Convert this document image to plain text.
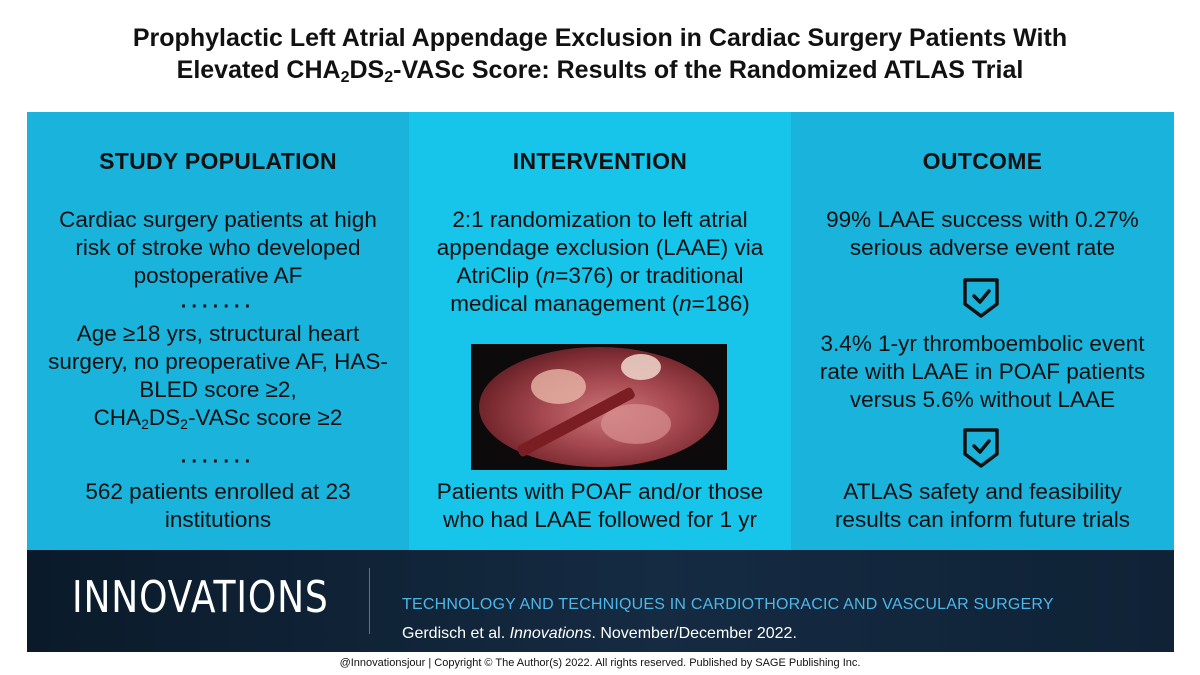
Prophylactic Left Atrial Appendage Exclusion in Cardiac Surgery Patients With
Elevated $CHA_2DS_2$-VASc Score: Results of the Randomized ATLAS Trial
STUDY POPULATION
Cardiac surgery patients at high risk of stroke who developed postoperative AF
·······
Age ≥18 yrs, structural heart surgery, no preoperative AF, HAS-BLED score ≥2,
$CHA_2DS_2$-VASc score ≥2
·······
562 patients enrolled at 23 institutions
INTERVENTION
2:1 randomization to left atrial appendage exclusion (LAAE) via AtriClip (n=376) or traditional medical management (n=186)
Patients with POAF and/or those who had LAAE followed for 1 yr
OUTCOME
99% LAAE success with 0.27% serious adverse event rate
3.4% 1-yr thromboembolic event rate with LAAE in POAF patients versus 5.6% without LAAE
ATLAS safety and feasibility results can inform future trials
INNOVATIONS	TECHNOLOGY AND TECHNIQUES IN CARDIOTHORACIC AND VASCULAR SURGERY
Gerdisch et al. Innovations. November/December 2022.
@Innovationsjour | Copyright © The Author(s) 2022. All rights reserved. Published by SAGE Publishing Inc.
